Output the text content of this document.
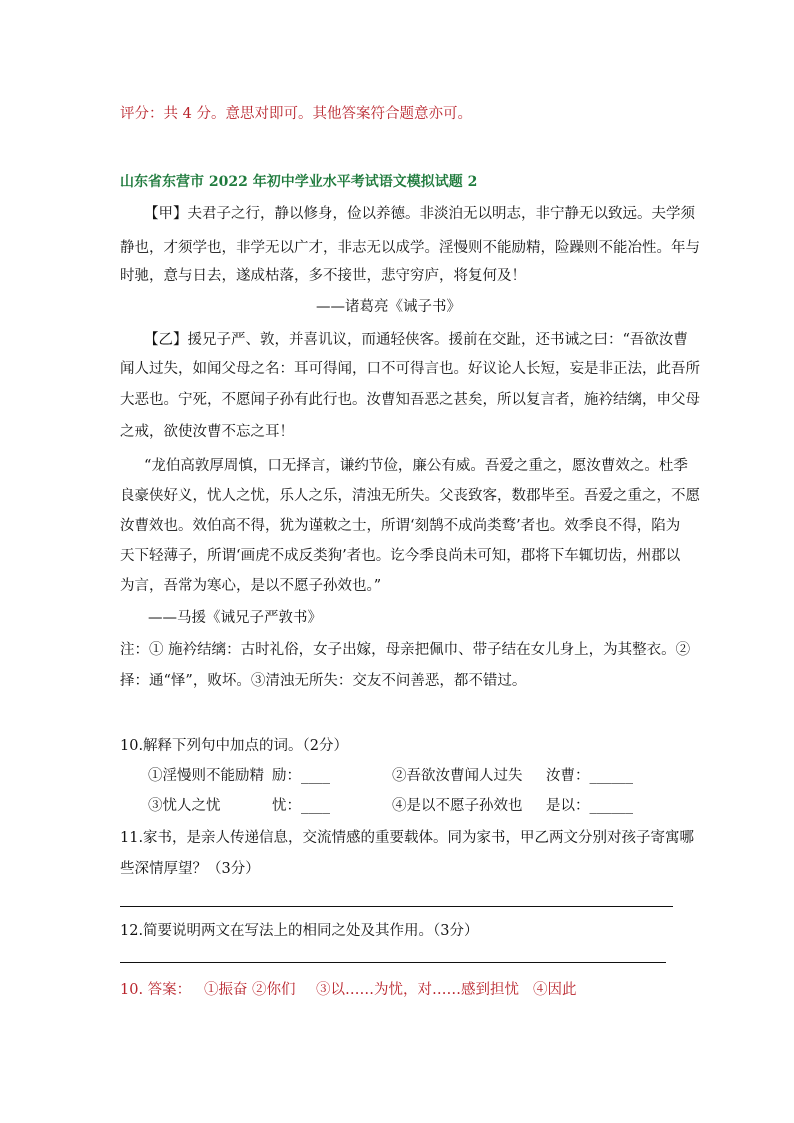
评分：共 4 分。意思对即可。其他答案符合题意亦可。
山东省东营市 2022 年初中学业水平考试语文模拟试题 2
【甲】夫君子之行，静以修身，俭以养德。非淡泊无以明志，非宁静无以致远。夫学须
静也，才须学也，非学无以广才，非志无以成学。淫慢则不能励精，险躁则不能冶性。年与
时驰，意与日去，遂成枯落，多不接世，悲守穷庐，将复何及！
——诸葛亮《诫子书》
【乙】援兄子严、敦，并喜讥议，而通轻侠客。援前在交趾，还书诫之曰：“吾欲汝曹
闻人过失，如闻父母之名：耳可得闻，口不可得言也。好议论人长短，妄是非正法，此吾所
大恶也。宁死，不愿闻子孙有此行也。汝曹知吾恶之甚矣，所以复言者，施衿结缡，申父母
之戒，欲使汝曹不忘之耳！
“龙伯高敦厚周慎，口无择言，谦约节俭，廉公有威。吾爱之重之，愿汝曹效之。杜季
良豪侠好义，忧人之忧，乐人之乐，清浊无所失。父丧致客，数郡毕至。吾爱之重之，不愿
汝曹效也。效伯高不得，犹为谨敕之士，所谓‘刻鹄不成尚类鹜’者也。效季良不得，陷为
天下轻薄子，所谓‘画虎不成反类狗’者也。讫今季良尚未可知，郡将下车辄切齿，州郡以
为言，吾常为寒心，是以不愿子孙效也。”
——马援《诫兄子严敦书》
注：① 施衿结缡：古时礼俗，女子出嫁，母亲把佩巾、带子结在女儿身上，为其整衣。②
择：通“怿”，败坏。③清浊无所失：交友不问善恶，都不错过。
10.解释下列句中加点的词。（2分）
①淫慢则不能励精 励：____	②吾欲汝曹闻人过失 汝曹：______
③忧人之忧	忧：____	④是以不愿子孙效也 是以：______
11.家书，是亲人传递信息，交流情感的重要载体。同为家书，甲乙两文分别对孩子寄寓哪
些深情厚望？（3分）
12.简要说明两文在写法上的相同之处及其作用。（3分）
10. 答案： ①振奋 ②你们 ③以……为忧，对……感到担忧 ④因此
